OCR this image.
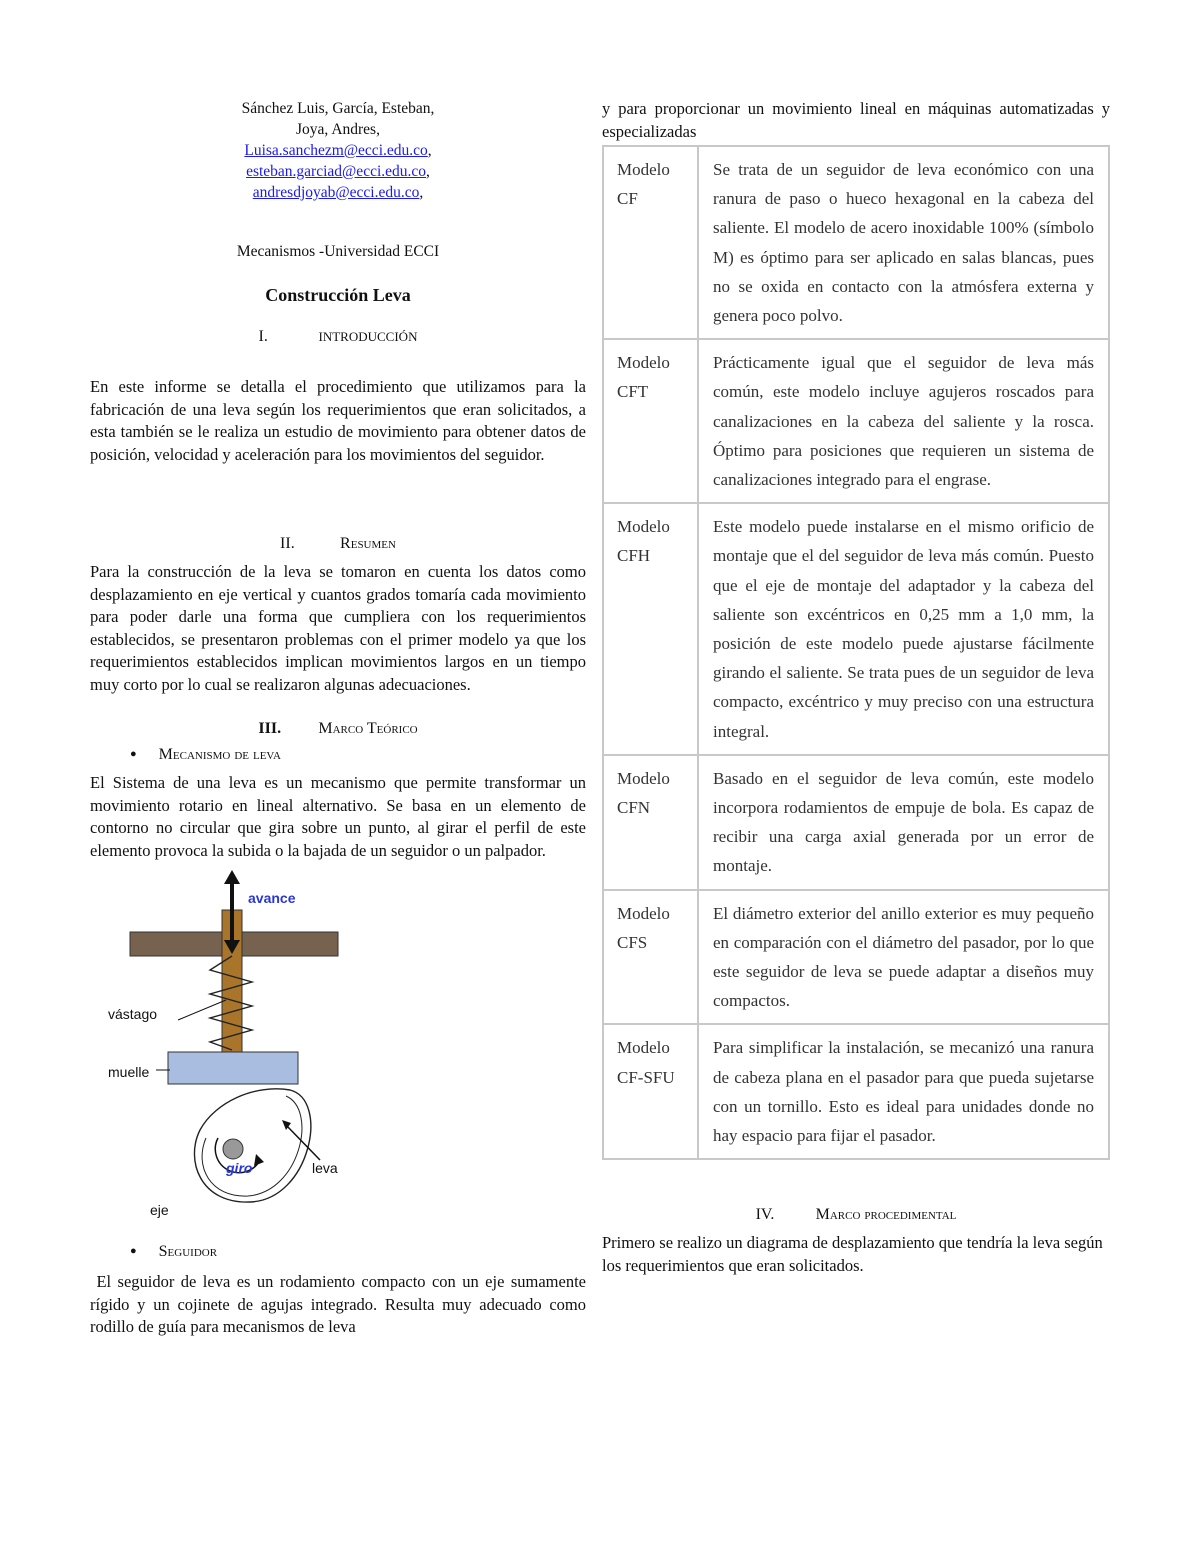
Sánchez Luis, García, Esteban,
Joya, Andres,
Luisa.sanchezm@ecci.edu.co,
esteban.garciad@ecci.edu.co,
andresdjoyab@ecci.edu.co,
Mecanismos -Universidad ECCI
Construcción Leva
I.	INTRODUCCIÓN
En este informe se detalla el procedimiento que utilizamos para la fabricación de una leva según los requerimientos que eran solicitados, a esta también se le realiza un estudio de movimiento para obtener datos de posición, velocidad y aceleración para los movimientos del seguidor.
II.	Resumen
Para la construcción de la leva se tomaron en cuenta los datos como desplazamiento en eje vertical y cuantos grados tomaría cada movimiento para poder darle una forma que cumpliera con los requerimientos establecidos, se presentaron problemas con el primer modelo ya que los requerimientos establecidos implican movimientos largos en un tiempo muy corto por lo cual se realizaron algunas adecuaciones.
III. Marco Teórico
● Mecanismo de leva
El Sistema de una leva es un mecanismo que permite transformar un movimiento rotario en lineal alternativo. Se basa en un elemento de contorno no circular que gira sobre un punto, al girar el perfil de este elemento provoca la subida o la bajada de un seguidor o un palpador.
avance
vástago
muelle
giro	leva
eje
● Seguidor
El seguidor de leva es un rodamiento compacto con un eje sumamente rígido y un cojinete de agujas integrado. Resulta muy adecuado como rodillo de guía para mecanismos de leva
y para proporcionar un movimiento lineal en máquinas automatizadas y especializadas
Modelo CF	Se trata de un seguidor de leva económico con una ranura de paso o hueco hexagonal en la cabeza del saliente. El modelo de acero inoxidable 100% (símbolo M) es óptimo para ser aplicado en salas blancas, pues no se oxida en contacto con la atmósfera externa y genera poco polvo.
Modelo CFT	Prácticamente igual que el seguidor de leva más común, este modelo incluye agujeros roscados para canalizaciones en la cabeza del saliente y la rosca. Óptimo para posiciones que requieren un sistema de canalizaciones integrado para el engrase.
Modelo CFH	Este modelo puede instalarse en el mismo orificio de montaje que el del seguidor de leva más común. Puesto que el eje de montaje del adaptador y la cabeza del saliente son excéntricos en 0,25 mm a 1,0 mm, la posición de este modelo puede ajustarse fácilmente girando el saliente. Se trata pues de un seguidor de leva compacto, excéntrico y muy preciso con una estructura integral.
Modelo CFN	Basado en el seguidor de leva común, este modelo incorpora rodamientos de empuje de bola. Es capaz de recibir una carga axial generada por un error de montaje.
Modelo CFS	El diámetro exterior del anillo exterior es muy pequeño en comparación con el diámetro del pasador, por lo que este seguidor de leva se puede adaptar a diseños muy compactos.
Modelo CF-SFU	Para simplificar la instalación, se mecanizó una ranura de cabeza plana en el pasador para que pueda sujetarse con un tornillo. Esto es ideal para unidades donde no hay espacio para fijar el pasador.
IV.	Marco procedimental
Primero se realizo un diagrama de desplazamiento que tendría la leva según los requerimientos que eran solicitados.
